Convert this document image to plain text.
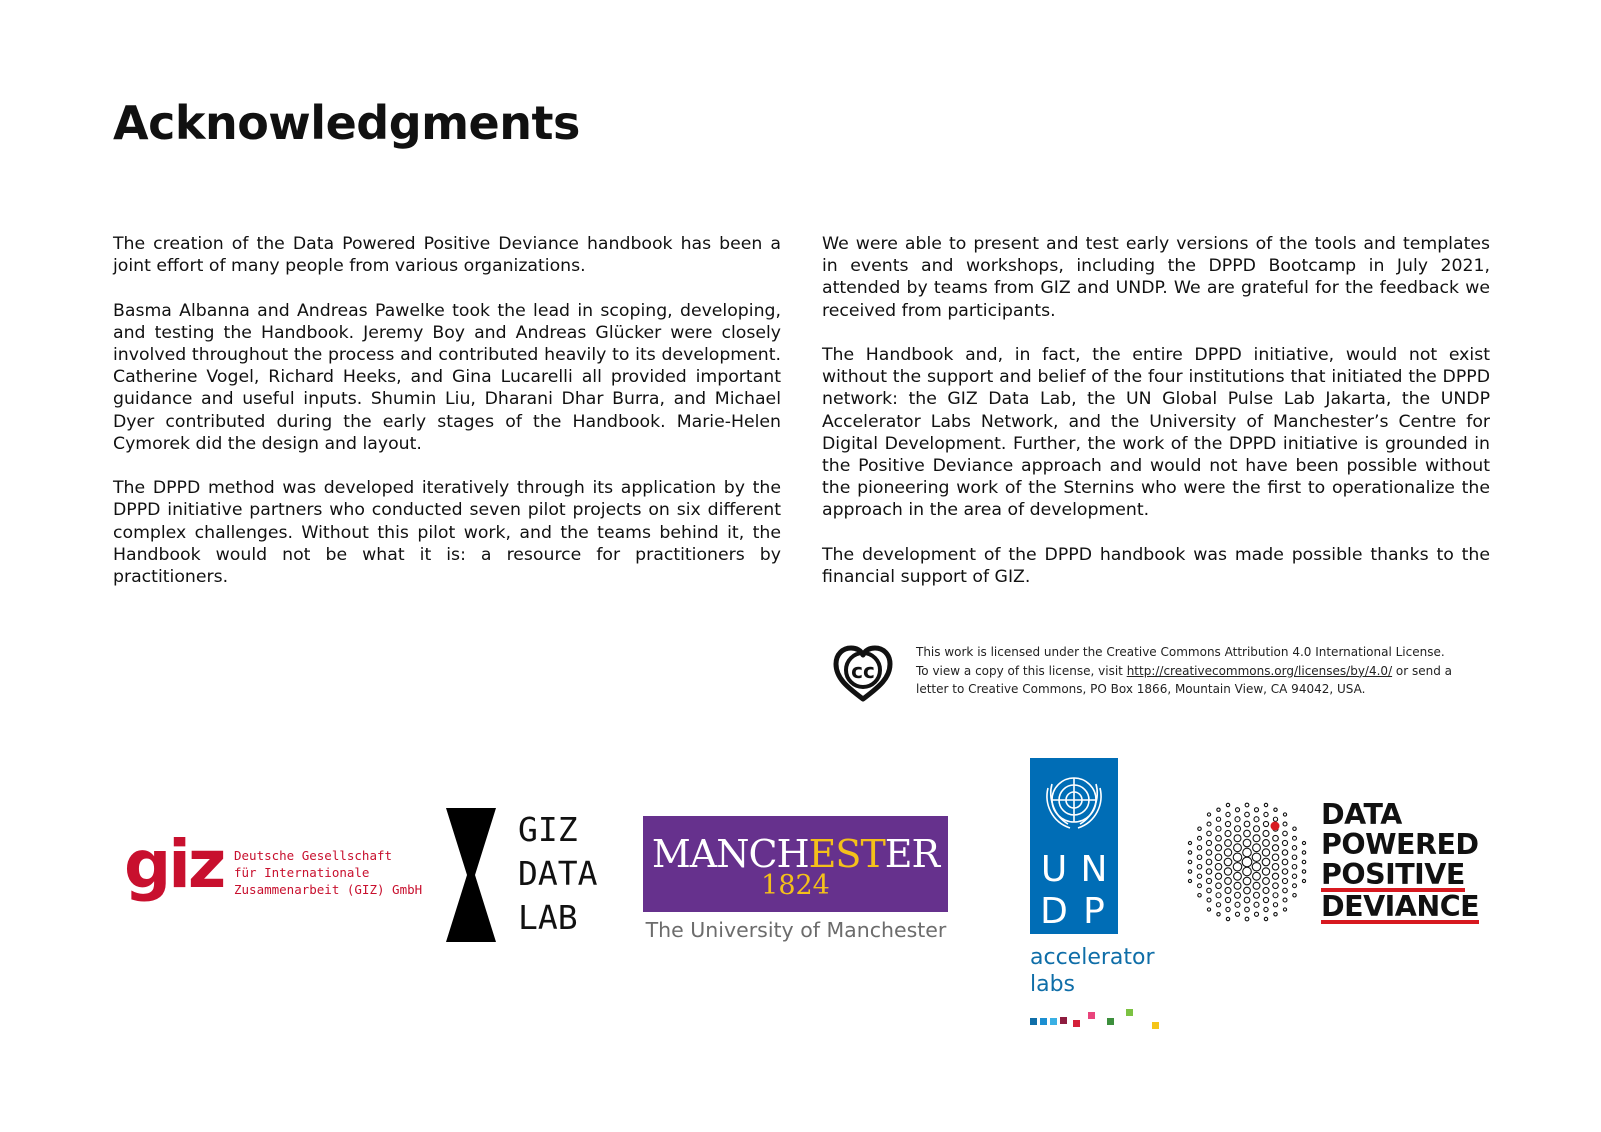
Acknowledgments

The creation of the Data Powered Positive Deviance handbook has been a joint effort of many people from various organizations.

Basma Albanna and Andreas Pawelke took the lead in scoping, developing, and testing the Handbook. Jeremy Boy and Andreas Glücker were closely involved throughout the process and contributed heavily to its development. Catherine Vogel, Richard Heeks, and Gina Lucarelli all provided important guidance and useful inputs. Shumin Liu, Dharani Dhar Burra, and Michael Dyer contributed during the early stages of the Handbook. Marie-Helen Cymorek did the design and layout.

The DPPD method was developed iteratively through its application by the DPPD initiative partners who conducted seven pilot projects on six different complex challenges. Without this pilot work, and the teams behind it, the Handbook would not be what it is: a resource for practitioners by practitioners.

We were able to present and test early versions of the tools and templates in events and workshops, including the DPPD Bootcamp in July 2021, attended by teams from GIZ and UNDP. We are grateful for the feedback we received from participants.

The Handbook and, in fact, the entire DPPD initiative, would not exist without the support and belief of the four institutions that initiated the DPPD network: the GIZ Data Lab, the UN Global Pulse Lab Jakarta, the UNDP Accelerator Labs Network, and the University of Manchester’s Centre for Digital Development. Further, the work of the DPPD initiative is grounded in the Positive Deviance approach and would not have been possible without the pioneering work of the Sternins who were the first to operationalize the approach in the area of development.

The development of the DPPD handbook was made possible thanks to the financial support of GIZ.

cc
This work is licensed under the Creative Commons Attribution 4.0 International License.
To view a copy of this license, visit http://creativecommons.org/licenses/by/4.0/ or send a
letter to Creative Commons, PO Box 1866, Mountain View, CA 94042, USA.
giz Deutsche Gesellschaft
für Internationale
Zusammenarbeit (GIZ) GmbH
GIZ
DATA
LAB
MANCHESTER
1824
The University of Manchester
U N
D P
accelerator
labs
DATA
POWERED
POSITIVE
DEVIANCE
